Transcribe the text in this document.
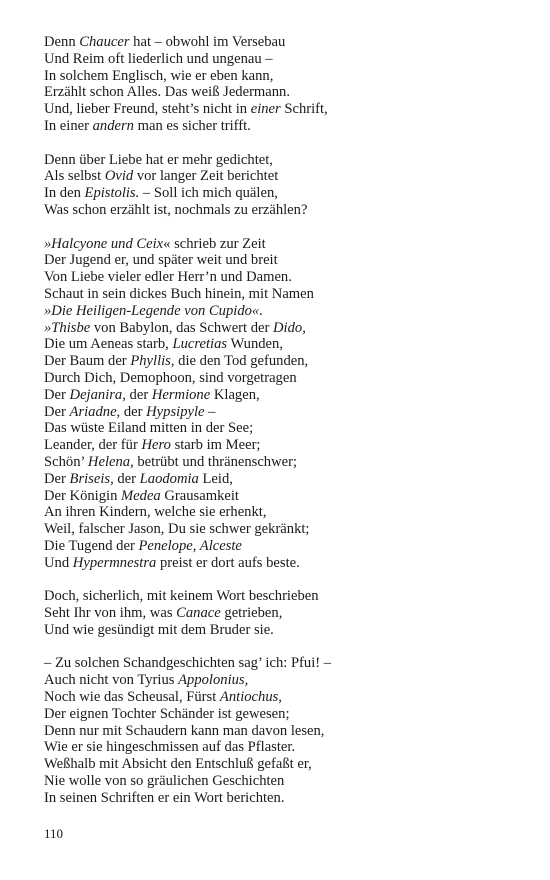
Denn Chaucer hat – obwohl im Versebau
Und Reim oft liederlich und ungenau –
In solchem Englisch, wie er eben kann,
Erzählt schon Alles. Das weiß Jedermann.
Und, lieber Freund, steht’s nicht in einer Schrift,
In einer andern man es sicher trifft.
Denn über Liebe hat er mehr gedichtet,
Als selbst Ovid vor langer Zeit berichtet
In den Epistolis. – Soll ich mich quälen,
Was schon erzählt ist, nochmals zu erzählen?
»Halcyone und Ceix« schrieb zur Zeit
Der Jugend er, und später weit und breit
Von Liebe vieler edler Herr’n und Damen.
Schaut in sein dickes Buch hinein, mit Namen
»Die Heiligen-Legende von Cupido«.
»Thisbe von Babylon, das Schwert der Dido,
Die um Aeneas starb, Lucretias Wunden,
Der Baum der Phyllis, die den Tod gefunden,
Durch Dich, Demophoon, sind vorgetragen
Der Dejanira, der Hermione Klagen,
Der Ariadne, der Hypsipyle –
Das wüste Eiland mitten in der See;
Leander, der für Hero starb im Meer;
Schön’ Helena, betrübt und thränenschwer;
Der Briseis, der Laodomia Leid,
Der Königin Medea Grausamkeit
An ihren Kindern, welche sie erhenkt,
Weil, falscher Jason, Du sie schwer gekränkt;
Die Tugend der Penelope, Alceste
Und Hypermnestra preist er dort aufs beste.
Doch, sicherlich, mit keinem Wort beschrieben
Seht Ihr von ihm, was Canace getrieben,
Und wie gesündigt mit dem Bruder sie.
– Zu solchen Schandgeschichten sag’ ich: Pfui! –
Auch nicht von Tyrius Appolonius,
Noch wie das Scheusal, Fürst Antiochus,
Der eignen Tochter Schänder ist gewesen;
Denn nur mit Schaudern kann man davon lesen,
Wie er sie hingeschmissen auf das Pflaster.
Weßhalb mit Absicht den Entschluß gefaßt er,
Nie wolle von so gräulichen Geschichten
In seinen Schriften er ein Wort berichten.
110
